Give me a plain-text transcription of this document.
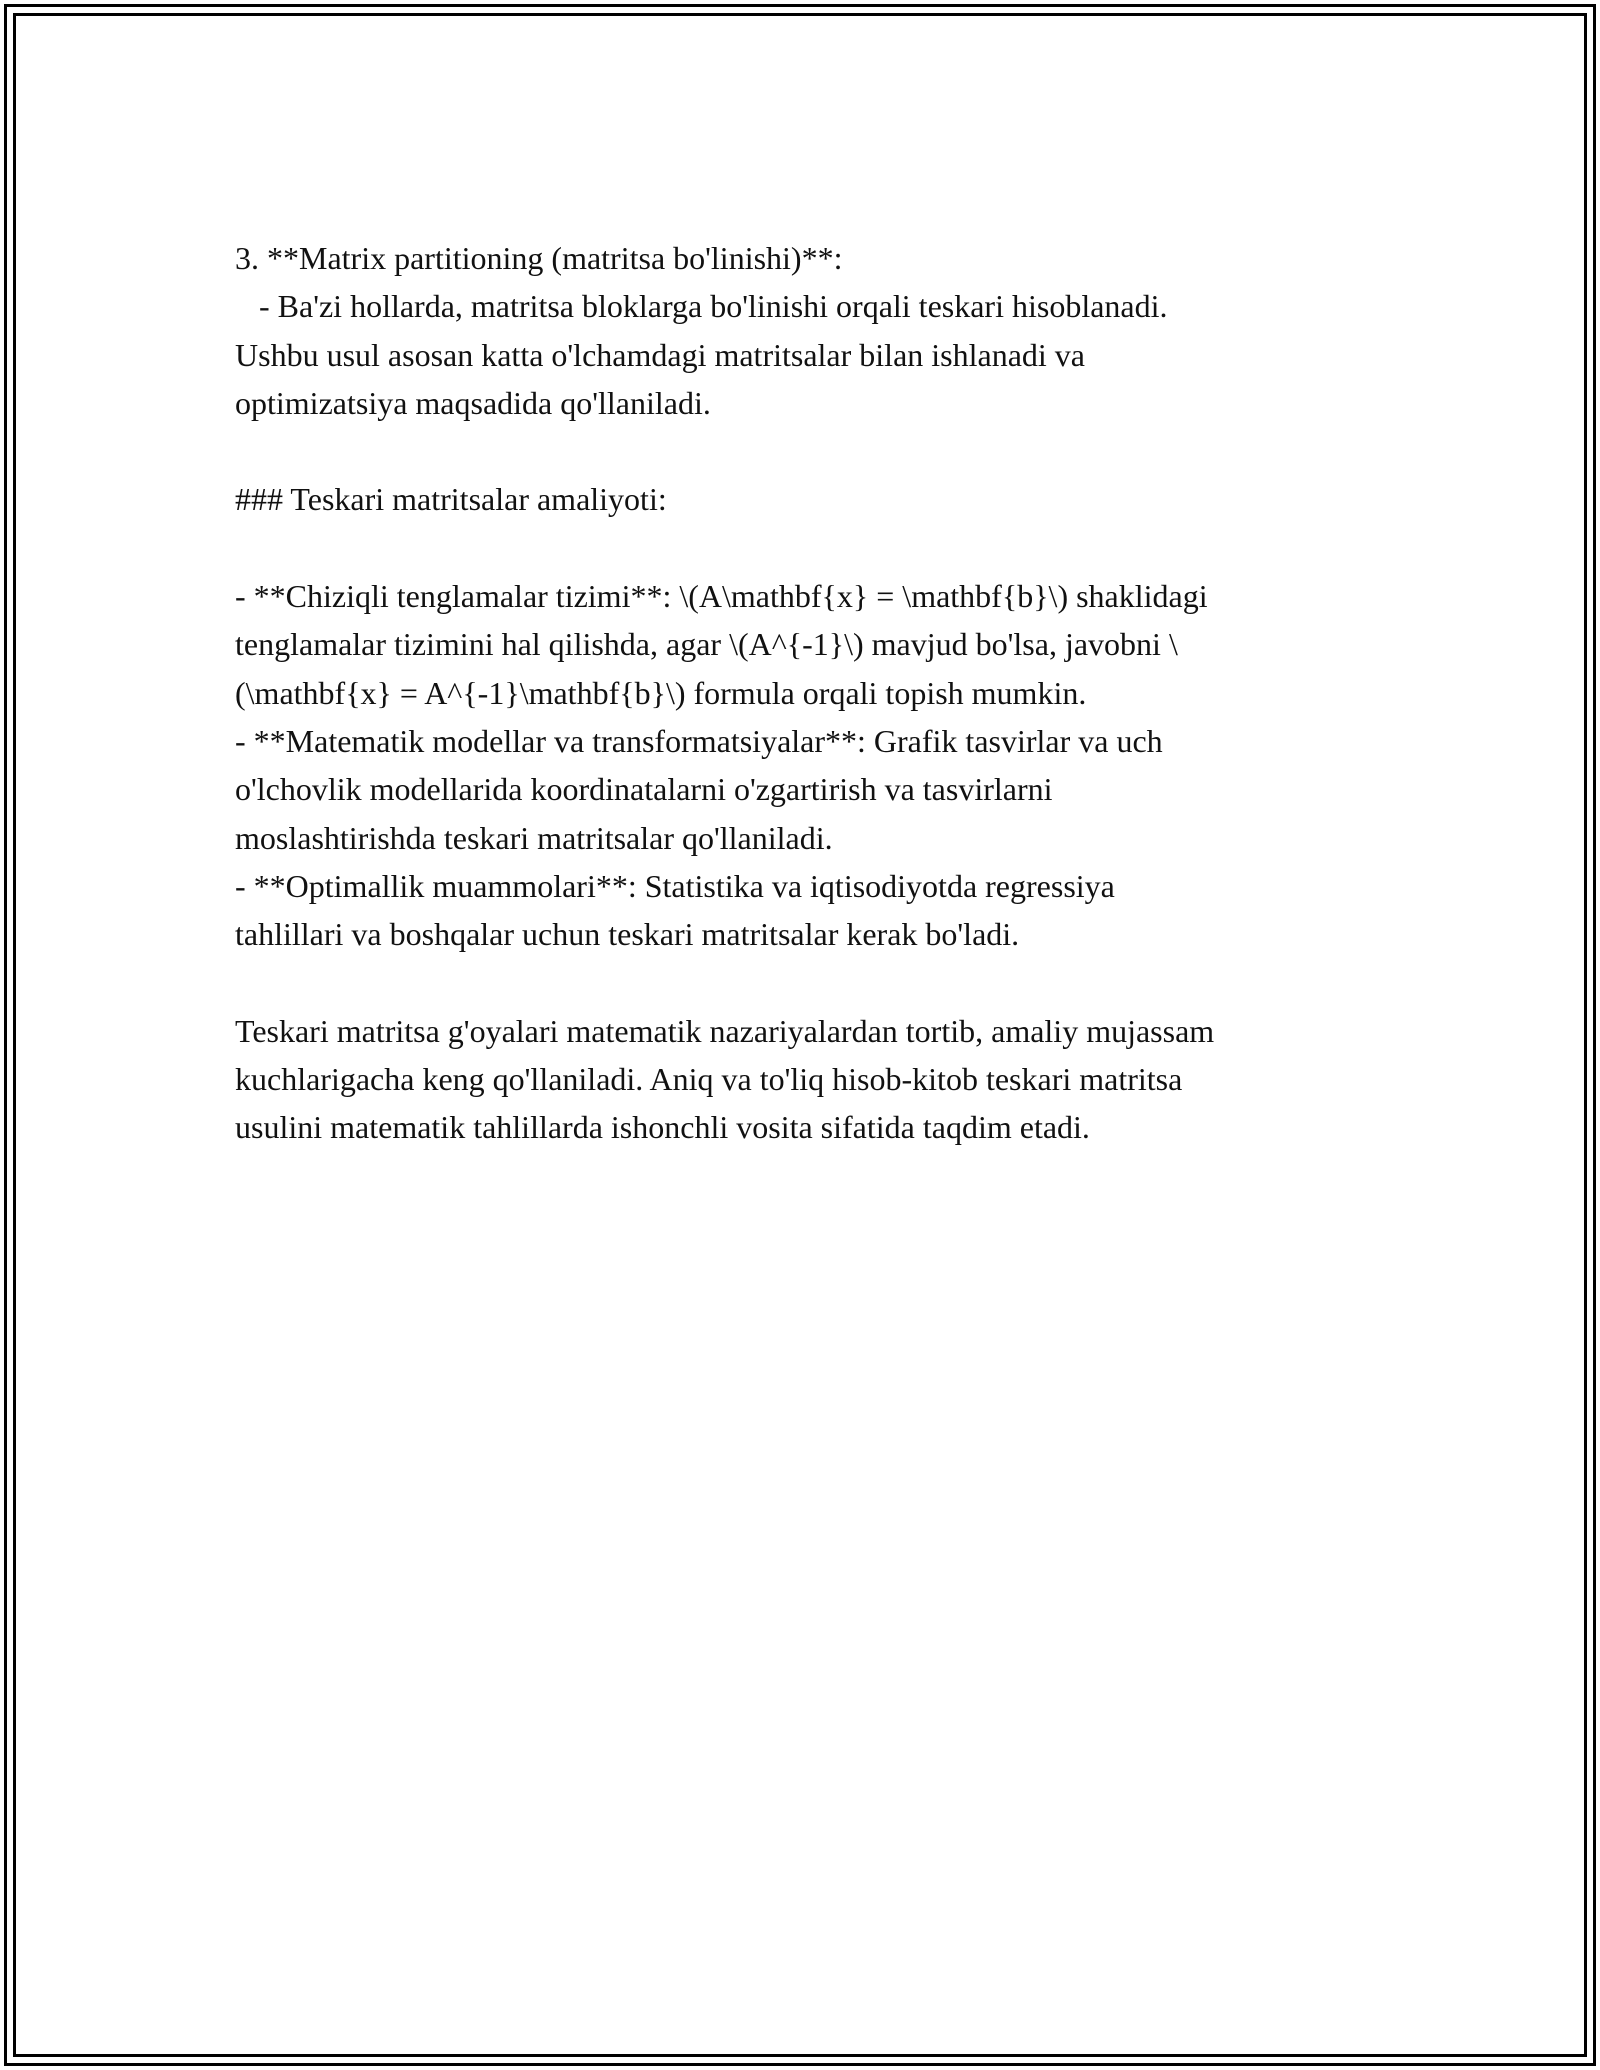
3. **Matrix partitioning (matritsa bo'linishi)**:
- Ba'zi hollarda, matritsa bloklarga bo'linishi orqali teskari hisoblanadi.
Ushbu usul asosan katta o'lchamdagi matritsalar bilan ishlanadi va
optimizatsiya maqsadida qo'llaniladi.
### Teskari matritsalar amaliyoti:
- **Chiziqli tenglamalar tizimi**: \(A\mathbf{x} = \mathbf{b}\) shaklidagi
tenglamalar tizimini hal qilishda, agar \(A^{-1}\) mavjud bo'lsa, javobni \
(\mathbf{x} = A^{-1}\mathbf{b}\) formula orqali topish mumkin.
- **Matematik modellar va transformatsiyalar**: Grafik tasvirlar va uch
o'lchovlik modellarida koordinatalarni o'zgartirish va tasvirlarni
moslashtirishda teskari matritsalar qo'llaniladi.
- **Optimallik muammolari**: Statistika va iqtisodiyotda regressiya
tahlillari va boshqalar uchun teskari matritsalar kerak bo'ladi.
Teskari matritsa g'oyalari matematik nazariyalardan tortib, amaliy mujassam
kuchlarigacha keng qo'llaniladi. Aniq va to'liq hisob-kitob teskari matritsa
usulini matematik tahlillarda ishonchli vosita sifatida taqdim etadi.
